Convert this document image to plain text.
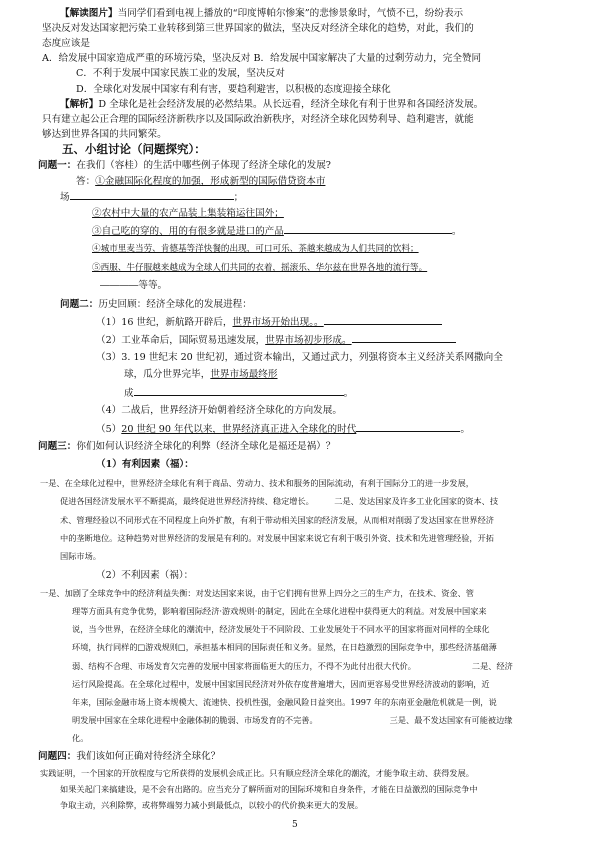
【解读图片】当同学们看到电视上播放的“印度博帕尔惨案”的悲惨景象时，气愤不已，纷纷表示
坚决反对发达国家把污染工业转移到第三世界国家的做法，坚决反对经济全球化的趋势，对此，我们的
态度应该是
A．给发展中国家造成严重的环境污染，坚决反对 B．给发展中国家解决了大量的过剩劳动力，完全赞同
C．不利于发展中国家民族工业的发展，坚决反对
D．全球化对发展中国家有利有害，要趋利避害，以积极的态度迎接全球化
【解析】D 全球化是社会经济发展的必然结果。从长远看，经济全球化有利于世界和各国经济发展。
只有建立起公正合理的国际经济新秩序以及国际政治新秩序，对经济全球化因势利导、趋利避害，就能
够达到世界各国的共同繁荣。
五、小组讨论（问题探究）：
问题一：在我们（容桂）的生活中哪些例子体现了经济全球化的发展?
答：①金融国际化程度的加强，形成新型的国际借贷资本市
场	；
②农村中大量的农产品装上集装箱运往国外；
③自己吃的穿的、用的有很多就是进口的产品	。
④城市里麦当劳、肯德基等洋快餐的出现，可口可乐、茶越来越成为人们共同的饮料；
⑤西服、牛仔服越来越成为全球人们共同的衣着，摇滚乐、华尔兹在世界各地的流行等。
――――等等。
问题二：历史回顾：经济全球化的发展进程：
（1）16 世纪，新航路开辟后，世界市场开始出现。。
（2）工业革命后，国际贸易迅速发展，世界市场初步形成。
（3）3. 19 世纪末 20 世纪初，通过资本输出，又通过武力，列强将资本主义经济关系网撒向全
球，瓜分世界完毕，世界市场最终形
成	。
（4）二战后，世界经济开始朝着经济全球化的方向发展。
（5）20 世纪 90 年代以来，世界经济真正进入全球化的时代	。
问题三：你们如何认识经济全球化的利弊（经济全球化是福还是祸）？
（1）有利因素（福）：
一是、在全球化过程中，世界经济全球化有利于商品、劳动力、技术和服务的国际流动，有利于国际分工的进一步发展，
促进各国经济发展水平不断提高，最终促进世界经济持续、稳定增长。　　　二是、发达国家及许多工业化国家的资本、技
术、管理经验以不同形式在不同程度上向外扩散，有利于带动相关国家的经济发展，从而相对削弱了发达国家在世界经济
中的垄断地位。这种趋势对世界经济的发展是有利的。对发展中国家来说它有利于吸引外资、技术和先进管理经验，开拓
国际市场。
（2）不利因素（祸）：
一是、加剧了全球竞争中的经济利益失衡：对发达国家来说，由于它们拥有世界上四分之三的生产力，在技术、资金、管
理等方面具有竞争优势，影响着国际经济·游戏规则·的制定，因此在全球化进程中获得更大的利益。对发展中国家来
说，当今世界，在经济全球化的潮流中，经济发展处于不同阶段、工业发展处于不同水平的国家将面对同样的全球化
环境，执行同样的□游戏规则□，承担基本相同的国际责任和义务。显然，在日趋激烈的国际竞争中，那些经济基础薄
弱、结构不合理、市场发育欠完善的发展中国家将面临更大的压力，不得不为此付出很大代价。	二是、经济
运行风险提高。在全球化过程中，发展中国家国民经济对外依存度普遍增大，因而更容易受世界经济波动的影响，近
年来，国际金融市场上资本规模大、流速快、投机性强，金融风险日益突出。1997 年的东南亚金融危机就是一例，说
明发展中国家在全球化进程中金融体制的脆弱、市场发育的不完善。	三是、最不发达国家有可能被边缘
化。
问题四：我们该如何正确对待经济全球化？
实践证明，一个国家的开放程度与它所获得的发展机会成正比。只有顺应经济全球化的潮流，才能争取主动、获得发展。
如果关起门来搞建设，是不会有出路的。应当充分了解所面对的国际环境和自身条件，才能在日益激烈的国际竞争中
争取主动，兴利除弊，或将弊端努力减小到最低点，以较小的代价换来更大的发展。
5
